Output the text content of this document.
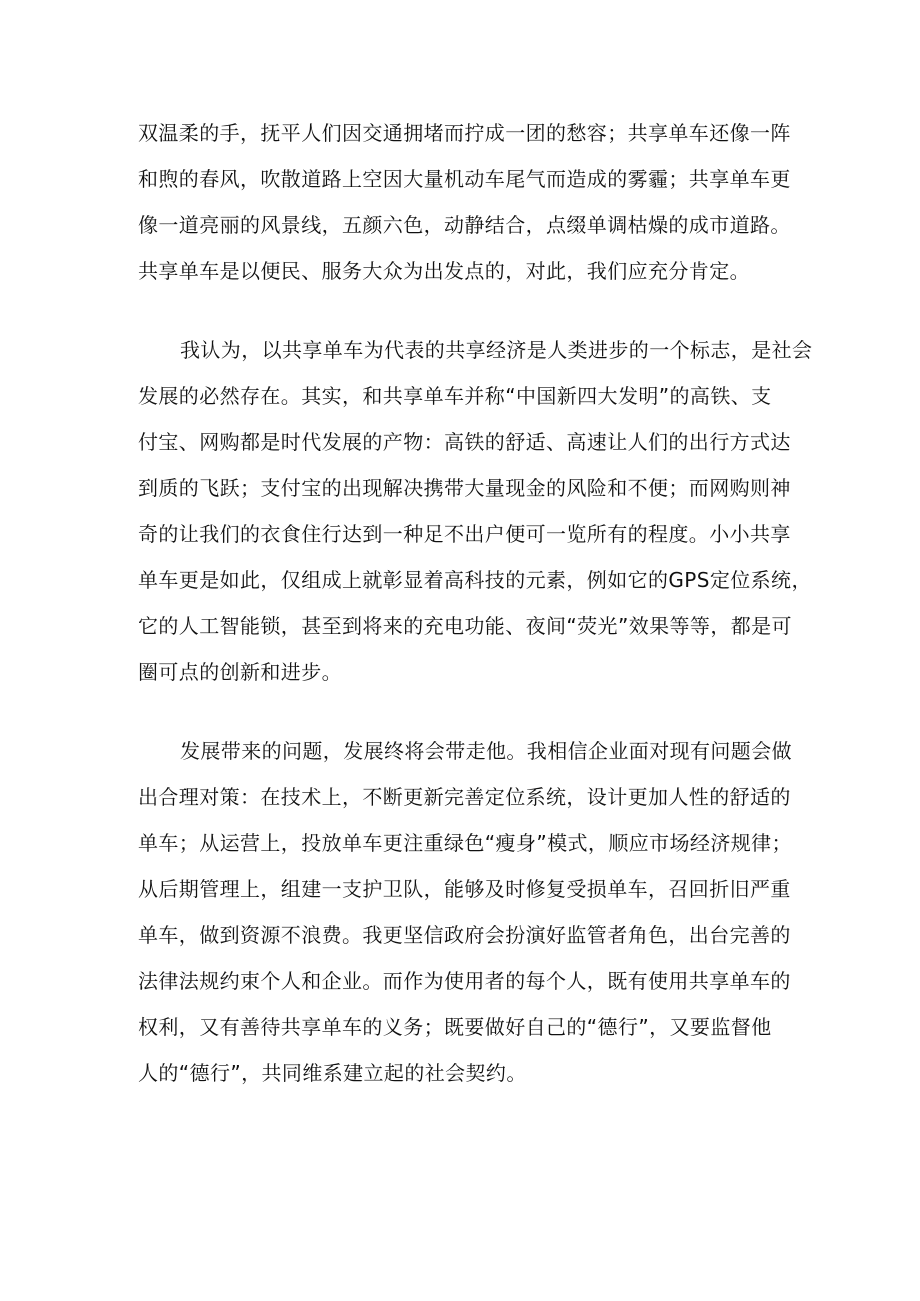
双温柔的手，抚平人们因交通拥堵而拧成一团的愁容；共享单车还像一阵
和煦的春风，吹散道路上空因大量机动车尾气而造成的雾霾；共享单车更
像一道亮丽的风景线，五颜六色，动静结合，点缀单调枯燥的成市道路。
共享单车是以便民、服务大众为出发点的，对此，我们应充分肯定。
我认为，以共享单车为代表的共享经济是人类进步的一个标志，是社会
发展的必然存在。其实，和共享单车并称“中国新四大发明”的高铁、支
付宝、网购都是时代发展的产物：高铁的舒适、高速让人们的出行方式达
到质的飞跃；支付宝的出现解决携带大量现金的风险和不便；而网购则神
奇的让我们的衣食住行达到一种足不出户便可一览所有的程度。小小共享
单车更是如此，仅组成上就彰显着高科技的元素，例如它的GPS定位系统，
它的人工智能锁，甚至到将来的充电功能、夜间“荧光”效果等等，都是可
圈可点的创新和进步。
发展带来的问题，发展终将会带走他。我相信企业面对现有问题会做
出合理对策：在技术上，不断更新完善定位系统，设计更加人性的舒适的
单车；从运营上，投放单车更注重绿色“瘦身”模式，顺应市场经济规律；
从后期管理上，组建一支护卫队，能够及时修复受损单车，召回折旧严重
单车，做到资源不浪费。我更坚信政府会扮演好监管者角色，出台完善的
法律法规约束个人和企业。而作为使用者的每个人，既有使用共享单车的
权利，又有善待共享单车的义务；既要做好自己的“德行”，又要监督他
人的“德行”，共同维系建立起的社会契约。
